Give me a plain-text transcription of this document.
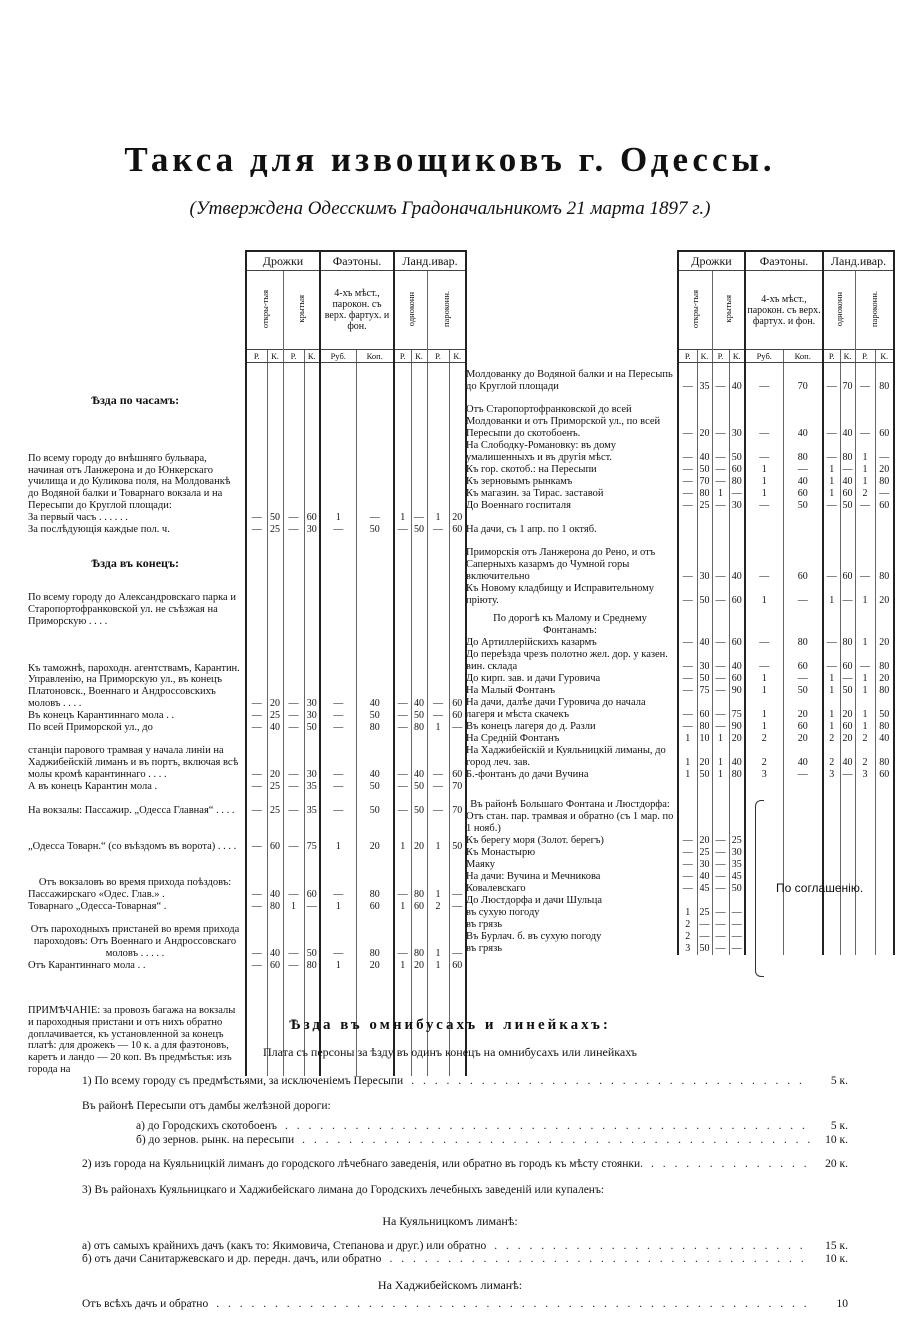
Такса для извощиковъ г. Одессы.
(Утверждена Одесскимъ Градоначальникомъ 21 марта 1897 г.)
	Дрожки				Фаэтоны.		Ланд.ивар.			
	откры-тыя		крытыя		4-хъ мѣст., парокон. съ верх. фартух. и фон.		одноконн		пароконн.	
	Р.	К.	Р.	К.	Руб.	Коп.	Р.	К.	Р.	К.
Ѣзда по часамъ:										
По всему городу до внѣшняго бульвара, начиная отъ Ланжерона и до Юнкерскаго училища и до Куликова поля, на Молдованкѣ до Водяной балки и Товарнаго вокзала и на Пересыпи до Круглой площади:										
За первый часъ . . . . . .	—	50	—	60	1	—	1	—	1	20
За послѣдующія каждые пол. ч.	—	25	—	30	—	50	—	50	—	60
Ѣзда въ конецъ:										
По всему городу до Александровскаго парка и Старопортофранковской ул. не съѣзжая на Приморскую . . . .										
Къ таможнѣ, пароходн. агентствамъ, Карантин. Управленію, на Приморскую ул., въ конецъ Платоновск., Военнаго и Андроссовскихъ моловъ . . . .	—	20	—	30	—	40	—	40	—	60
Въ конецъ Карантиннаго мола . .	—	25	—	30	—	50	—	50	—	60
По всей Приморской ул., до	—	40	—	50	—	80	—	80	1	—
станціи парового трамвая у начала линіи на Хаджибейскій лиманъ и въ портъ, включая всѣ молы кромѣ карантиннаго . . . .	—	20	—	30	—	40	—	40	—	60
А въ конецъ Карантин мола .	—	25	—	35	—	50	—	50	—	70
На вокзалы: Пассажир. „Одесса Главная“ . . . .	—	25	—	35	—	50	—	50	—	70
„Одесса Товарн.“ (со въѣздомъ въ ворота) . . . .	—	60	—	75	1	20	1	20	1	50
Отъ вокзаловъ во время прихода поѣздовъ:										
Пассажирскаго «Одес. Глав.» .	—	40	—	60	—	80	—	80	1	—
Товарнаго „Одесса-Товарная“ .	—	80	1	—	1	60	1	60	2	—
Отъ пароходныхъ пристаней во время прихода пароходовъ: Отъ Военнаго и Андроссовскаго моловъ . . . . .	—	40	—	50	—	80	—	80	1	—
Отъ Карантиннаго мола . .	—	60	—	80	1	20	1	20	1	60
ПРИМѢЧАНІЕ: за провозъ багажа на вокзалы и пароходныя пристани и отъ нихъ обратно доплачивается, къ установленной за конецъ платѣ: для дрожекъ — 10 к. а для фаэтоновъ, каретъ и ландо — 20 коп. Въ предмѣстья: изъ города на										
	Дрожки				Фаэтоны.		Ланд.ивар.			
	откры-тыя		крытыя		4-хъ мѣст., парокон. съ верх. фартух. и фон.		одноконн		пароконн.	
	Р.	К.	Р.	К.	Руб.	Коп.	Р.	К.	Р.	К.
Молдованку до Водяной балки и на Пересыпь до Круглой площади	—	35	—	40	—	70	—	70	—	80
Отъ Старопортофранковской до всей Молдованки и отъ Приморской ул., по всей Пересыпи до скотобоенъ.	—	20	—	30	—	40	—	40	—	60
На Слободку-Романовку: въ дому умалишенныхъ и въ другія мѣст.	—	40	—	50	—	80	—	80	1	—
Къ гор. скотоб.: на Пересыпи	—	50	—	60	1	—	1	—	1	20
Къ зерновымъ рынкамъ	—	70	—	80	1	40	1	40	1	80
Къ магазин. за Тирас. заставой	—	80	1	—	1	60	1	60	2	—
До Военнаго госпиталя	—	25	—	30	—	50	—	50	—	60
На дачи, съ 1 апр. по 1 октяб.										
Приморскія отъ Ланжерона до Рено, и отъ Саперныхъ казармъ до Чумной горы включительно	—	30	—	40	—	60	—	60	—	80
Къ Новому кладбищу и Исправительному пріюту.	—	50	—	60	1	—	1	—	1	20
По дорогѣ къ Малому и Среднему Фонтанамъ:										
До Артиллерійскихъ казармъ	—	40	—	60	—	80	—	80	1	20
До переѣзда чрезъ полотно жел. дор. у казен. вин. склада	—	30	—	40	—	60	—	60	—	80
До кирп. зав. и дачи Гуровича	—	50	—	60	1	—	1	—	1	20
На Малый Фонтанъ	—	75	—	90	1	50	1	50	1	80
На дачи, далѣе дачи Гуровича до начала лагеря и мѣста скачекъ	—	60	—	75	1	20	1	20	1	50
Въ конецъ лагеря до д. Разли	—	80	—	90	1	60	1	60	1	80
На Средній Фонтанъ	1	10	1	20	2	20	2	20	2	40
На Хаджибейскій и Куяльницкій лиманы, до город леч. зав.	1	20	1	40	2	40	2	40	2	80
Б.-фонтанъ до дачи Вучина	1	50	1	80	3	—	3	—	3	60
Въ районѣ Большаго Фонтана и Люстдорфа:										
Отъ стан. пар. трамвая и обратно (съ 1 мар. по 1 нояб.)										
Къ берегу моря (Золот. берегъ)	—	20	—	25						
Къ Монастырю	—	25	—	30						
Маяку	—	30	—	35						
На дачи: Вучина и Мечникова	—	40	—	45						
Ковалевскаго	—	45	—	50						
До Люстдорфа и дачи Шульца										
въ сухую погоду	1	25	—	—						
въ грязь	2	—	—	—						
Въ Бурлач. б. въ сухую погоду	2	—	—	—						
въ грязь	3	50	—	—						
По соглашенію.
Ѣзда въ омнибусахъ и линейкахъ:
Плата съ персоны за ѣзду въ одинъ конецъ на омнибусахъ или линейкахъ
1) По всему городу съ предмѣстьями, за исключеніемъ Пересыпи . . .	5 к.
Въ районѣ Пересыпи отъ дамбы желѣзной дороги:
а) до Городскихъ скотобоенъ . . .	5 к.
б) до зернов. рынк. на пересыпи . . .	10 к.
2) изъ города на Куяльницкій лиманъ до городского лѣчебнаго заведенія, или обратно въ городъ къ мѣсту стоянки. . . .	20 к.
3) Въ районахъ Куяльницкаго и Хаджибейскаго лимана до Городскихъ лечебныхъ заведеній или купаленъ:
На Куяльницкомъ лиманѣ:
а) отъ самыхъ крайнихъ дачъ (какъ то: Якимовича, Степанова и друг.) или обратно . . .	15 к.
б) отъ дачи Санитаржевскаго и др. передн. дачъ, или обратно . . .	10 к.
На Хаджибейскомъ лиманѣ:
Отъ всѣхъ дачъ и обратно . . .	10
